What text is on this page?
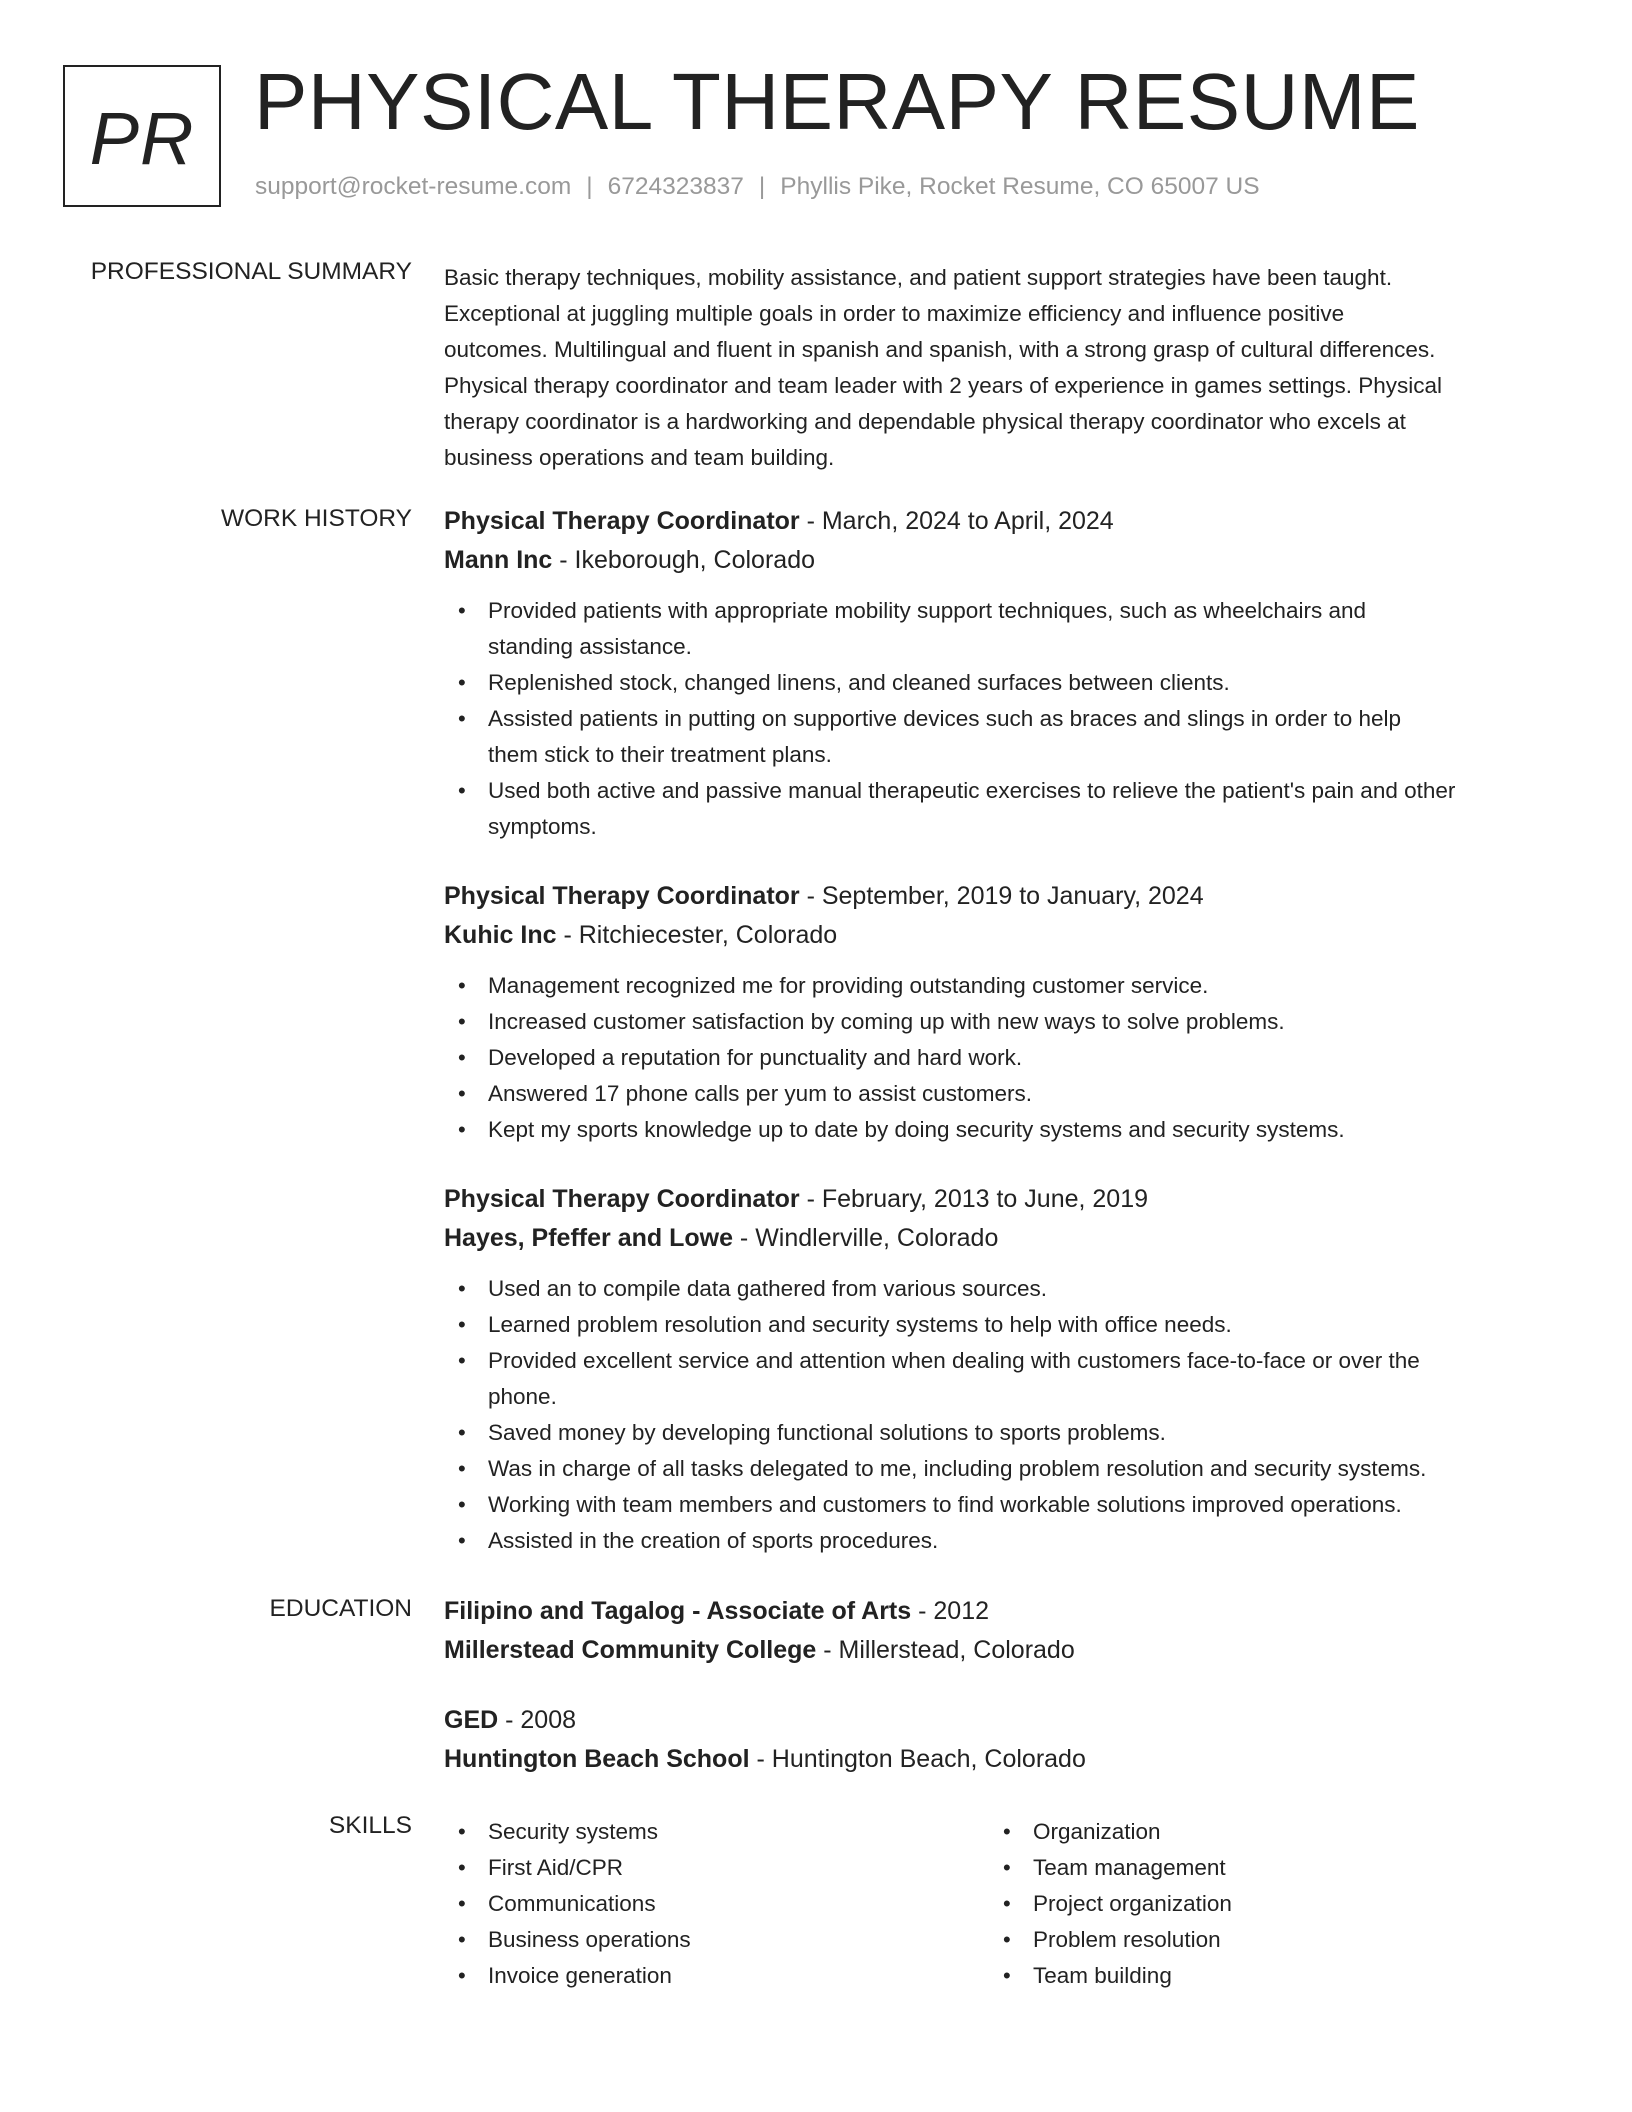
PR PHYSICAL THERAPY RESUME
support@rocket-resume.com | 6724323837 | Phyllis Pike, Rocket Resume, CO 65007 US
PROFESSIONAL SUMMARY Basic therapy techniques, mobility assistance, and patient support strategies have been taught.
Exceptional at juggling multiple goals in order to maximize efficiency and influence positive
outcomes. Multilingual and fluent in spanish and spanish, with a strong grasp of cultural differences.
Physical therapy coordinator and team leader with 2 years of experience in games settings. Physical
therapy coordinator is a hardworking and dependable physical therapy coordinator who excels at
business operations and team building.

WORK HISTORY Physical Therapy Coordinator - March, 2024 to April, 2024
Mann Inc - Ikeborough, Colorado
• Provided patients with appropriate mobility support techniques, such as wheelchairs and
standing assistance.
• Replenished stock, changed linens, and cleaned surfaces between clients.
• Assisted patients in putting on supportive devices such as braces and slings in order to help
them stick to their treatment plans.
• Used both active and passive manual therapeutic exercises to relieve the patient's pain and other
symptoms.
Physical Therapy Coordinator - September, 2019 to January, 2024
Kuhic Inc - Ritchiecester, Colorado
• Management recognized me for providing outstanding customer service.
• Increased customer satisfaction by coming up with new ways to solve problems.
• Developed a reputation for punctuality and hard work.
• Answered 17 phone calls per yum to assist customers.
• Kept my sports knowledge up to date by doing security systems and security systems.
Physical Therapy Coordinator - February, 2013 to June, 2019
Hayes, Pfeffer and Lowe - Windlerville, Colorado
• Used an to compile data gathered from various sources.
• Learned problem resolution and security systems to help with office needs.
• Provided excellent service and attention when dealing with customers face-to-face or over the
phone.
• Saved money by developing functional solutions to sports problems.
• Was in charge of all tasks delegated to me, including problem resolution and security systems.
• Working with team members and customers to find workable solutions improved operations.
• Assisted in the creation of sports procedures.
EDUCATION Filipino and Tagalog - Associate of Arts - 2012
Millerstead Community College - Millerstead, Colorado
GED - 2008
Huntington Beach School - Huntington Beach, Colorado
SKILLS
•	Security systems
• First Aid/CPR
• Communications
• Business operations
• Invoice generation
• Organization
• Team management
• Project organization
• Problem resolution
• Team building
